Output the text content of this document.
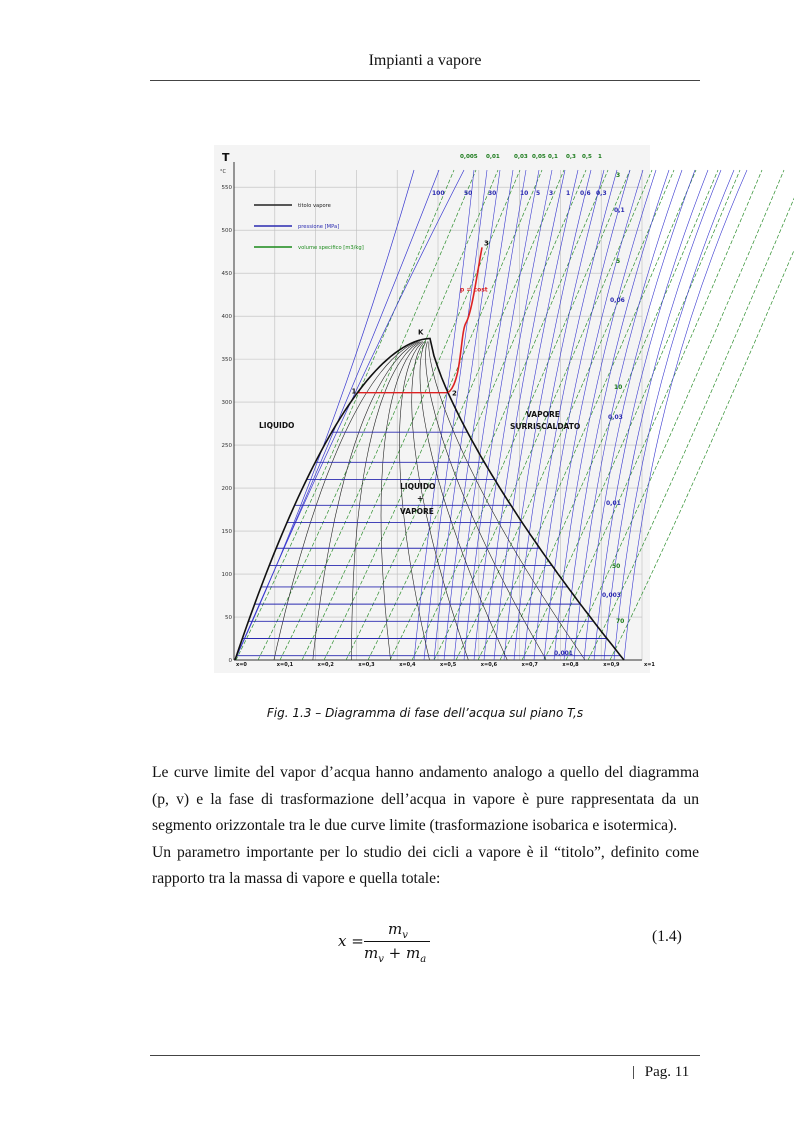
Impianti a vapore
T
°C
0
50
100
150
200
250
300
350
400
450
500
550
1	2
3
p = cost
K
LIQUIDO
LIQUIDO
+
VAPORE
VAPORE
SURRISCALDATO
titolo vapore
pressione [MPa]
volume specifico [m3/kg]
x=0	x=0,1	x=0,2	x=0,3	x=0,4	x=0,5	x=0,6	x=0,7	x=0,8	x=0,9	x=1
0,005 0,01	0,03 0,05 0,1 0,3 0,5 1
100	50	30	10 5 3 1 0,6 0,3
3
0,1
5
0,06
10
0,03
0,01
50
0,003
70
0,001
Fig. 1.3 – Diagramma di fase dell’acqua sul piano T,s

Le curve limite del vapor d’acqua hanno andamento analogo a quello del diagramma (p, v) e la fase di trasformazione dell’acqua in vapore è pure rappresentata da un segmento orizzontale tra le due curve limite (trasformazione isobarica e isotermica).

Un parametro importante per lo studio dei cicli a vapore è il “titolo”, definito come rapporto tra la massa di vapore e quella totale:

x =
$m_v$
$m_v + m_a$
(1.4)
| Pag. 11
